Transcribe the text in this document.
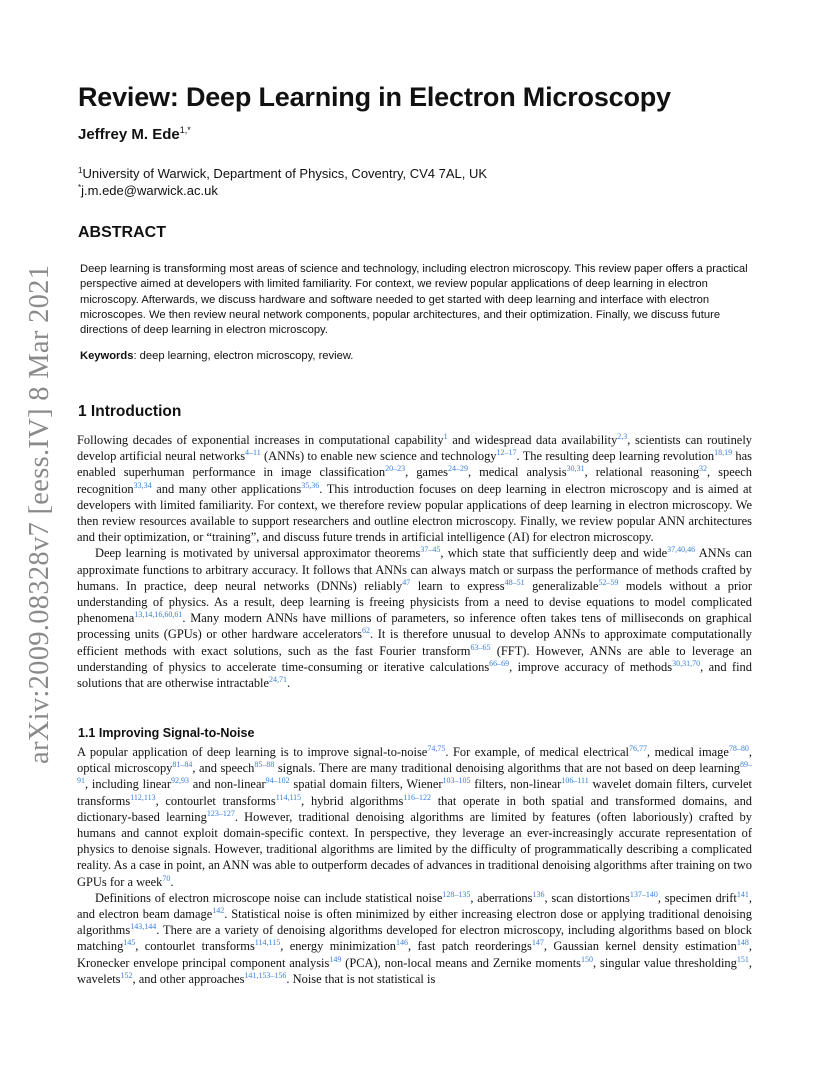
arXiv:2009.08328v7 [eess.IV] 8 Mar 2021
Review: Deep Learning in Electron Microscopy
Jeffrey M. Ede$^{1,*}$
$^1$University of Warwick, Department of Physics, Coventry, CV4 7AL, UK
*j.m.ede@warwick.ac.uk
ABSTRACT
Deep learning is transforming most areas of science and technology, including electron microscopy. This review paper offers a practical perspective aimed at developers with limited familiarity. For context, we review popular applications of deep learning in electron microscopy. Afterwards, we discuss hardware and software needed to get started with deep learning and interface with electron microscopes. We then review neural network components, popular architectures, and their optimization. Finally, we discuss future directions of deep learning in electron microscopy.
Keywords: deep learning, electron microscopy, review.
1 Introduction

Following decades of exponential increases in computational capability$^1$ and widespread data availability$^{2,3}$, scientists can routinely develop artificial neural networks$^{4-11}$ (ANNs) to enable new science and technology$^{12-17}$. The resulting deep learning revolution$^{18,19}$ has enabled superhuman performance in image classification$^{20-23}$, games$^{24-29}$, medical analysis$^{30,31}$, relational reasoning$^{32}$, speech recognition$^{33,34}$ and many other applications$^{35,36}$. This introduction focuses on deep learning in electron microscopy and is aimed at developers with limited familiarity. For context, we therefore review popular applications of deep learning in electron microscopy. We then review resources available to support researchers and outline electron microscopy. Finally, we review popular ANN architectures and their optimization, or “training”, and discuss future trends in artificial intelligence (AI) for electron microscopy.

Deep learning is motivated by universal approximator theorems$^{37-45}$, which state that sufficiently deep and wide$^{37,40,46}$ ANNs can approximate functions to arbitrary accuracy. It follows that ANNs can always match or surpass the performance of methods crafted by humans. In practice, deep neural networks (DNNs) reliably$^{47}$ learn to express$^{48-51}$ generalizable$^{52-59}$ models without a prior understanding of physics. As a result, deep learning is freeing physicists from a need to devise equations to model complicated phenomena$^{13,14,16,60,61}$. Many modern ANNs have millions of parameters, so inference often takes tens of milliseconds on graphical processing units (GPUs) or other hardware accelerators$^{62}$. It is therefore unusual to develop ANNs to approximate computationally efficient methods with exact solutions, such as the fast Fourier transform$^{63-65}$ (FFT). However, ANNs are able to leverage an understanding of physics to accelerate time-consuming or iterative calculations$^{66-69}$, improve accuracy of methods$^{30,31,70}$, and find solutions that are otherwise intractable$^{24,71}$.

1.1 Improving Signal-to-Noise

A popular application of deep learning is to improve signal-to-noise$^{74,75}$. For example, of medical electrical$^{76,77}$, medical image$^{78-80}$, optical microscopy$^{81-84}$, and speech$^{85-88}$ signals. There are many traditional denoising algorithms that are not based on deep learning$^{89-91}$, including linear$^{92,93}$ and non-linear$^{94-102}$ spatial domain filters, Wiener$^{103-105}$ filters, non-linear$^{106-111}$ wavelet domain filters, curvelet transforms$^{112,113}$, contourlet transforms$^{114,115}$, hybrid algorithms$^{116-122}$ that operate in both spatial and transformed domains, and dictionary-based learning$^{123-127}$. However, traditional denoising algorithms are limited by features (often laboriously) crafted by humans and cannot exploit domain-specific context. In perspective, they leverage an ever-increasingly accurate representation of physics to denoise signals. However, traditional algorithms are limited by the difficulty of programmatically describing a complicated reality. As a case in point, an ANN was able to outperform decades of advances in traditional denoising algorithms after training on two GPUs for a week$^{70}$.

Definitions of electron microscope noise can include statistical noise$^{128-135}$, aberrations$^{136}$, scan distortions$^{137-140}$, specimen drift$^{141}$, and electron beam damage$^{142}$. Statistical noise is often minimized by either increasing electron dose or applying traditional denoising algorithms$^{143,144}$. There are a variety of denoising algorithms developed for electron microscopy, including algorithms based on block matching$^{145}$, contourlet transforms$^{114,115}$, energy minimization$^{146}$, fast patch reorderings$^{147}$, Gaussian kernel density estimation$^{148}$, Kronecker envelope principal component analysis$^{149}$ (PCA), non-local means and Zernike moments$^{150}$, singular value thresholding$^{151}$, wavelets$^{152}$, and other approaches$^{141,153-156}$. Noise that is not statistical is
